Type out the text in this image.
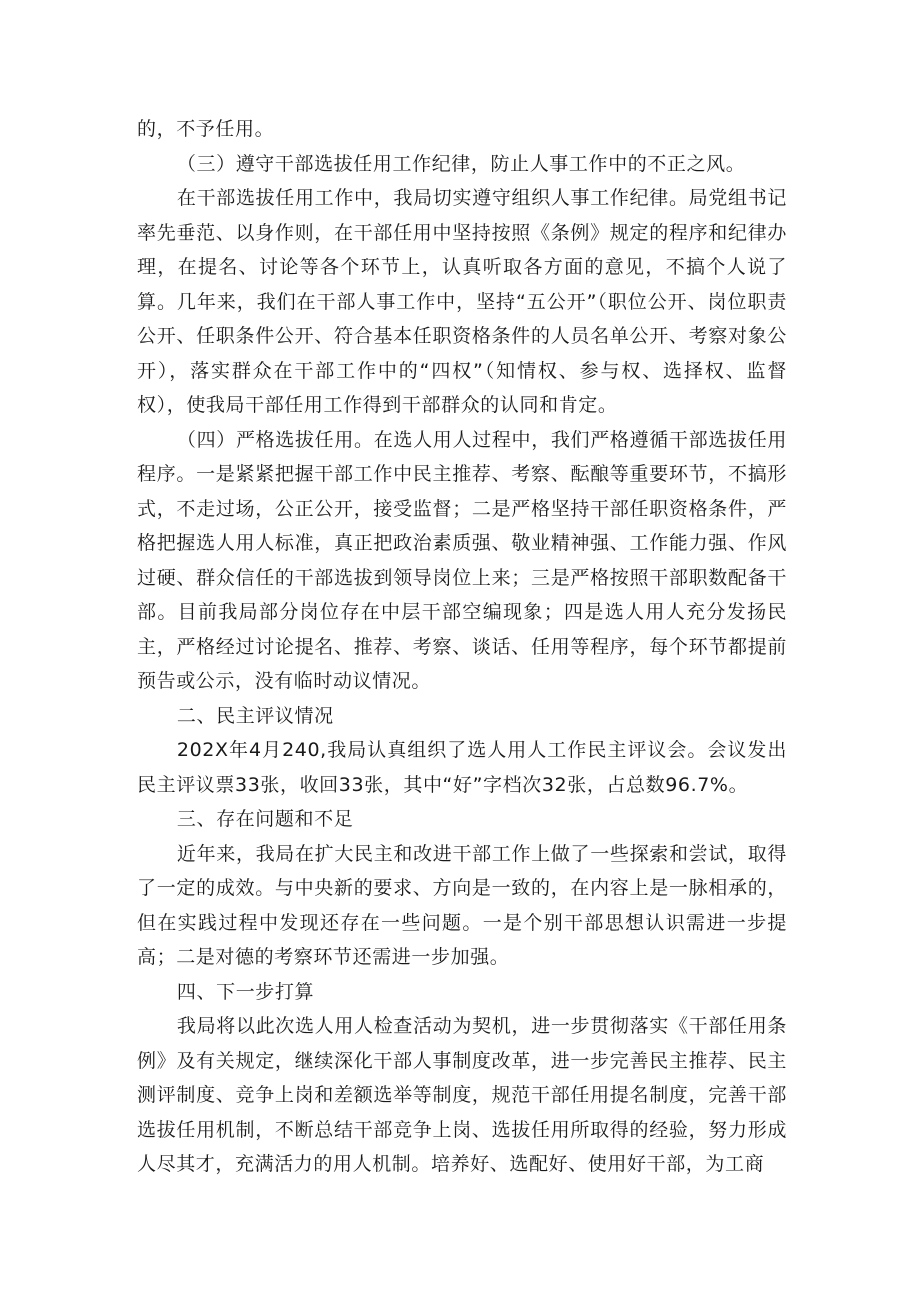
的，不予任用。

（三）遵守干部选拔任用工作纪律，防止人事工作中的不正之风。

在干部选拔任用工作中，我局切实遵守组织人事工作纪律。局党组书记率先垂范、以身作则，在干部任用中坚持按照《条例》规定的程序和纪律办理，在提名、讨论等各个环节上，认真听取各方面的意见，不搞个人说了算。几年来，我们在干部人事工作中，坚持“五公开”（职位公开、岗位职责公开、任职条件公开、符合基本任职资格条件的人员名单公开、考察对象公开），落实群众在干部工作中的“四权”（知情权、参与权、选择权、监督权），使我局干部任用工作得到干部群众的认同和肯定。

（四）严格选拔任用。在选人用人过程中，我们严格遵循干部选拔任用程序。一是紧紧把握干部工作中民主推荐、考察、酝酿等重要环节，不搞形式，不走过场，公正公开，接受监督；二是严格坚持干部任职资格条件，严格把握选人用人标准，真正把政治素质强、敬业精神强、工作能力强、作风过硬、群众信任的干部选拔到领导岗位上来；三是严格按照干部职数配备干部。目前我局部分岗位存在中层干部空编现象；四是选人用人充分发扬民主，严格经过讨论提名、推荐、考察、谈话、任用等程序，每个环节都提前预告或公示，没有临时动议情况。

二、民主评议情况

202X年4月240,我局认真组织了选人用人工作民主评议会。会议发出民主评议票33张，收回33张，其中“好”字档次32张，占总数96.7%。

三、存在问题和不足

近年来，我局在扩大民主和改进干部工作上做了一些探索和尝试，取得了一定的成效。与中央新的要求、方向是一致的，在内容上是一脉相承的，但在实践过程中发现还存在一些问题。一是个别干部思想认识需进一步提高；二是对德的考察环节还需进一步加强。

四、下一步打算

我局将以此次选人用人检查活动为契机，进一步贯彻落实《干部任用条例》及有关规定，继续深化干部人事制度改革，进一步完善民主推荐、民主测评制度、竞争上岗和差额选举等制度，规范干部任用提名制度，完善干部选拔任用机制，不断总结干部竞争上岗、选拔任用所取得的经验，努力形成人尽其才，充满活力的用人机制。培养好、选配好、使用好干部，为工商
